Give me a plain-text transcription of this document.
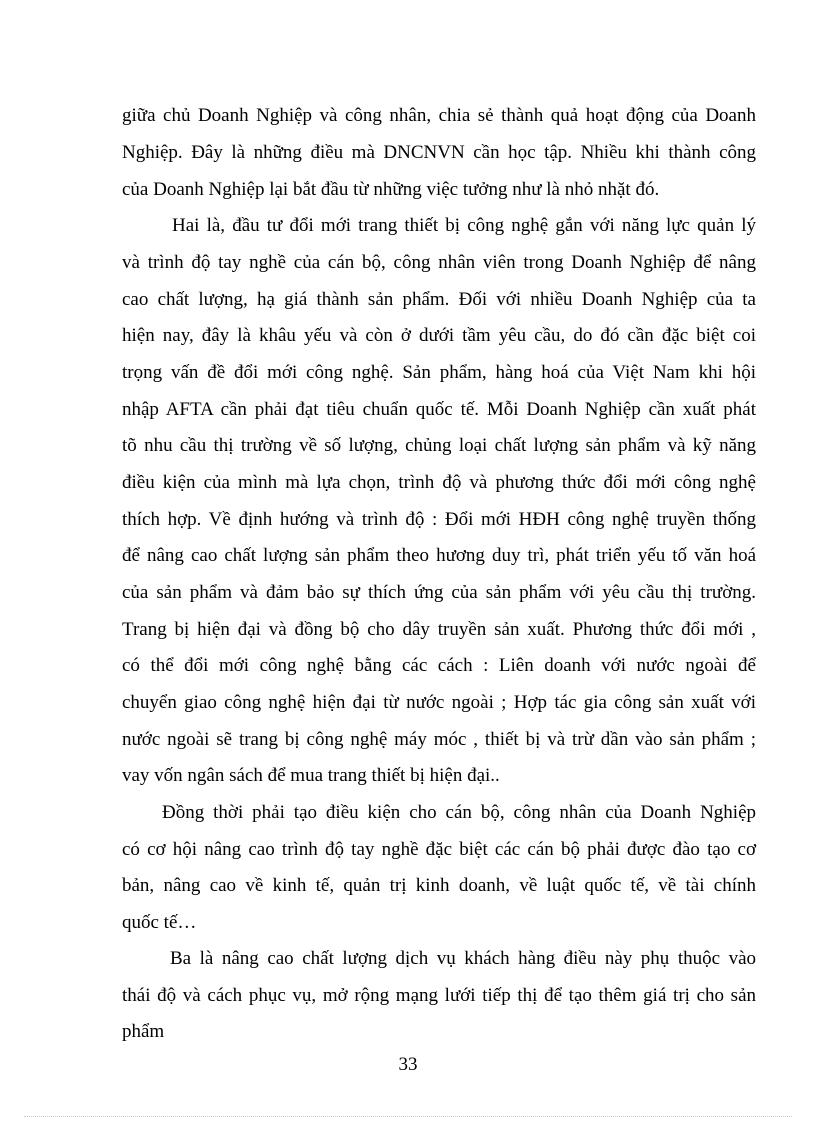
giữa chủ Doanh Nghiệp và công nhân, chia sẻ thành quả hoạt động của Doanh
Nghiệp. Đây là những điều mà DNCNVN cần học tập. Nhiều khi thành công
của Doanh Nghiệp lại bắt đầu từ những việc tưởng như là nhỏ nhặt đó.
Hai là, đầu tư đổi mới trang thiết bị công nghệ gắn với năng lực quản lý
và trình độ tay nghề của cán bộ, công nhân viên trong Doanh Nghiệp để nâng
cao chất lượng, hạ giá thành sản phẩm. Đối với nhiều Doanh Nghiệp của ta
hiện nay, đây là khâu yếu và còn ở dưới tầm yêu cầu, do đó cần đặc biệt coi
trọng vấn đề đổi mới công nghệ. Sản phẩm, hàng hoá của Việt Nam khi hội
nhập AFTA cần phải đạt tiêu chuẩn quốc tế. Mỗi Doanh Nghiệp cần xuất phát
tõ nhu cầu thị trường về số lượng, chủng loại chất lượng sản phẩm và kỹ năng
điều kiện của mình mà lựa chọn, trình độ và phương thức đổi mới công nghệ
thích hợp. Về định hướng và trình độ : Đổi mới HĐH công nghệ truyền thống
để nâng cao chất lượng sản phẩm theo hương duy trì, phát triển yếu tố văn hoá
của sản phẩm và đảm bảo sự thích ứng của sản phẩm với yêu cầu thị trường.
Trang bị hiện đại và đồng bộ cho dây truyền sản xuất. Phương thức đổi mới ,
có thể đổi mới công nghệ bằng các cách : Liên doanh với nước ngoài để
chuyển giao công nghệ hiện đại từ nước ngoài ; Hợp tác gia công sản xuất với
nước ngoài sẽ trang bị công nghệ máy móc , thiết bị và trừ dần vào sản phẩm ;
vay vốn ngân sách để mua trang thiết bị hiện đại..
Đồng thời phải tạo điều kiện cho cán bộ, công nhân của Doanh Nghiệp
có cơ hội nâng cao trình độ tay nghề đặc biệt các cán bộ phải được đào tạo cơ
bản, nâng cao về kinh tế, quản trị kinh doanh, về luật quốc tế, về tài chính
quốc tế…
Ba là nâng cao chất lượng dịch vụ khách hàng điều này phụ thuộc vào
thái độ và cách phục vụ, mở rộng mạng lưới tiếp thị để tạo thêm giá trị cho sản
phẩm
33
